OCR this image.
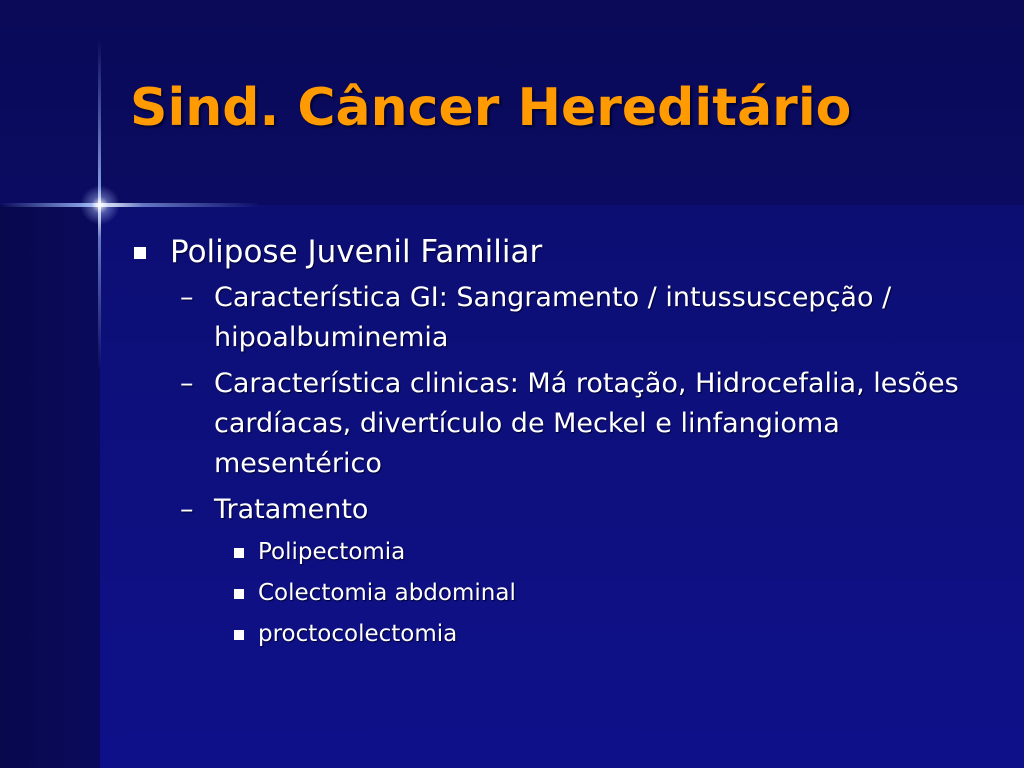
Sind. Câncer Hereditário
Polipose Juvenil Familiar
– Característica GI: Sangramento / intussuscepção / hipoalbuminemia
– Característica clinicas: Má rotação, Hidrocefalia, lesões cardíacas, divertículo de Meckel e linfangioma mesentérico
– Tratamento
Polipectomia
Colectomia abdominal
proctocolectomia
